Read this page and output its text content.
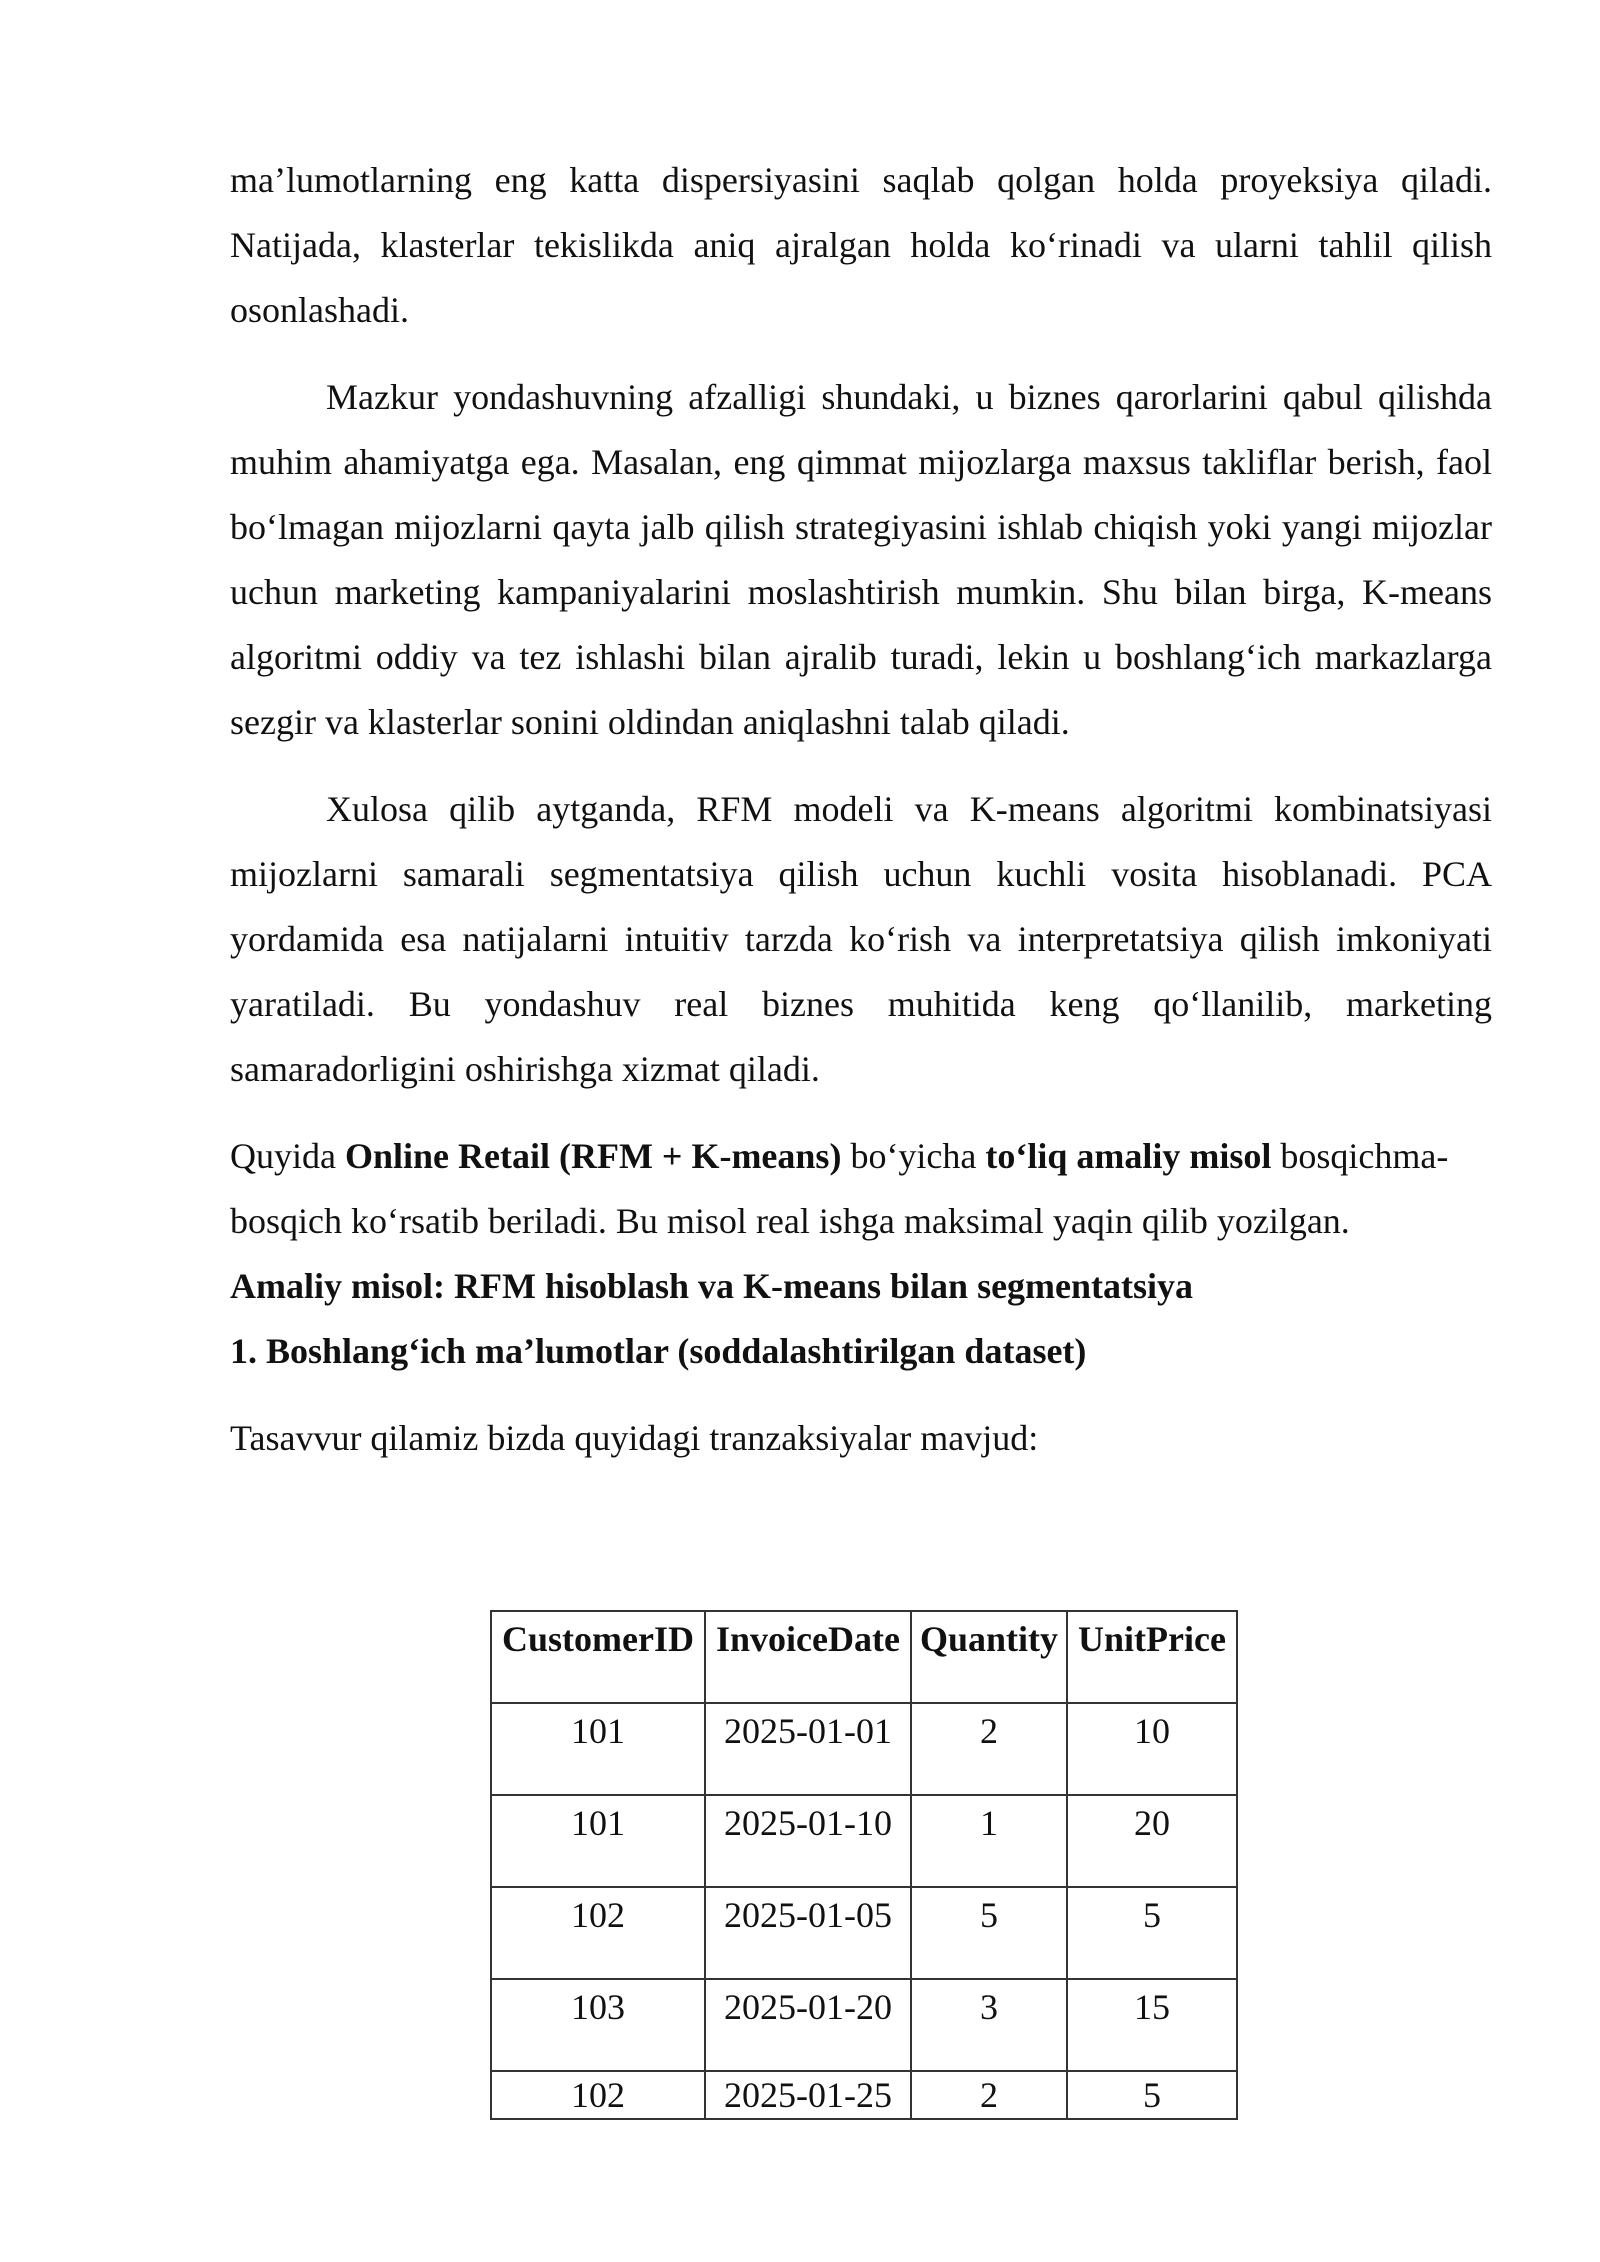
ma’lumotlarning eng katta dispersiyasini saqlab qolgan holda proyeksiya qiladi. Natijada, klasterlar tekislikda aniq ajralgan holda ko‘rinadi va ularni tahlil qilish osonlashadi.

Mazkur yondashuvning afzalligi shundaki, u biznes qarorlarini qabul qilishda muhim ahamiyatga ega. Masalan, eng qimmat mijozlarga maxsus takliflar berish, faol bo‘lmagan mijozlarni qayta jalb qilish strategiyasini ishlab chiqish yoki yangi mijozlar uchun marketing kampaniyalarini moslashtirish mumkin. Shu bilan birga, K-means algoritmi oddiy va tez ishlashi bilan ajralib turadi, lekin u boshlang‘ich markazlarga sezgir va klasterlar sonini oldindan aniqlashni talab qiladi.

Xulosa qilib aytganda, RFM modeli va K-means algoritmi kombinatsiyasi mijozlarni samarali segmentatsiya qilish uchun kuchli vosita hisoblanadi. PCA yordamida esa natijalarni intuitiv tarzda ko‘rish va interpretatsiya qilish imkoniyati yaratiladi. Bu yondashuv real biznes muhitida keng qo‘llanilib, marketing samaradorligini oshirishga xizmat qiladi.

Quyida Online Retail (RFM + K-means) bo‘yicha to‘liq amaliy misol bosqichma-bosqich ko‘rsatib beriladi. Bu misol real ishga maksimal yaqin qilib yozilgan.

Amaliy misol: RFM hisoblash va K-means bilan segmentatsiya

1. Boshlang‘ich ma’lumotlar (soddalashtirilgan dataset)

Tasavvur qilamiz bizda quyidagi tranzaksiyalar mavjud:

CustomerID	InvoiceDate	Quantity	UnitPrice
101	2025-01-01	2	10
101	2025-01-10	1	20
102	2025-01-05	5	5
103	2025-01-20	3	15
102	2025-01-25	2	5
